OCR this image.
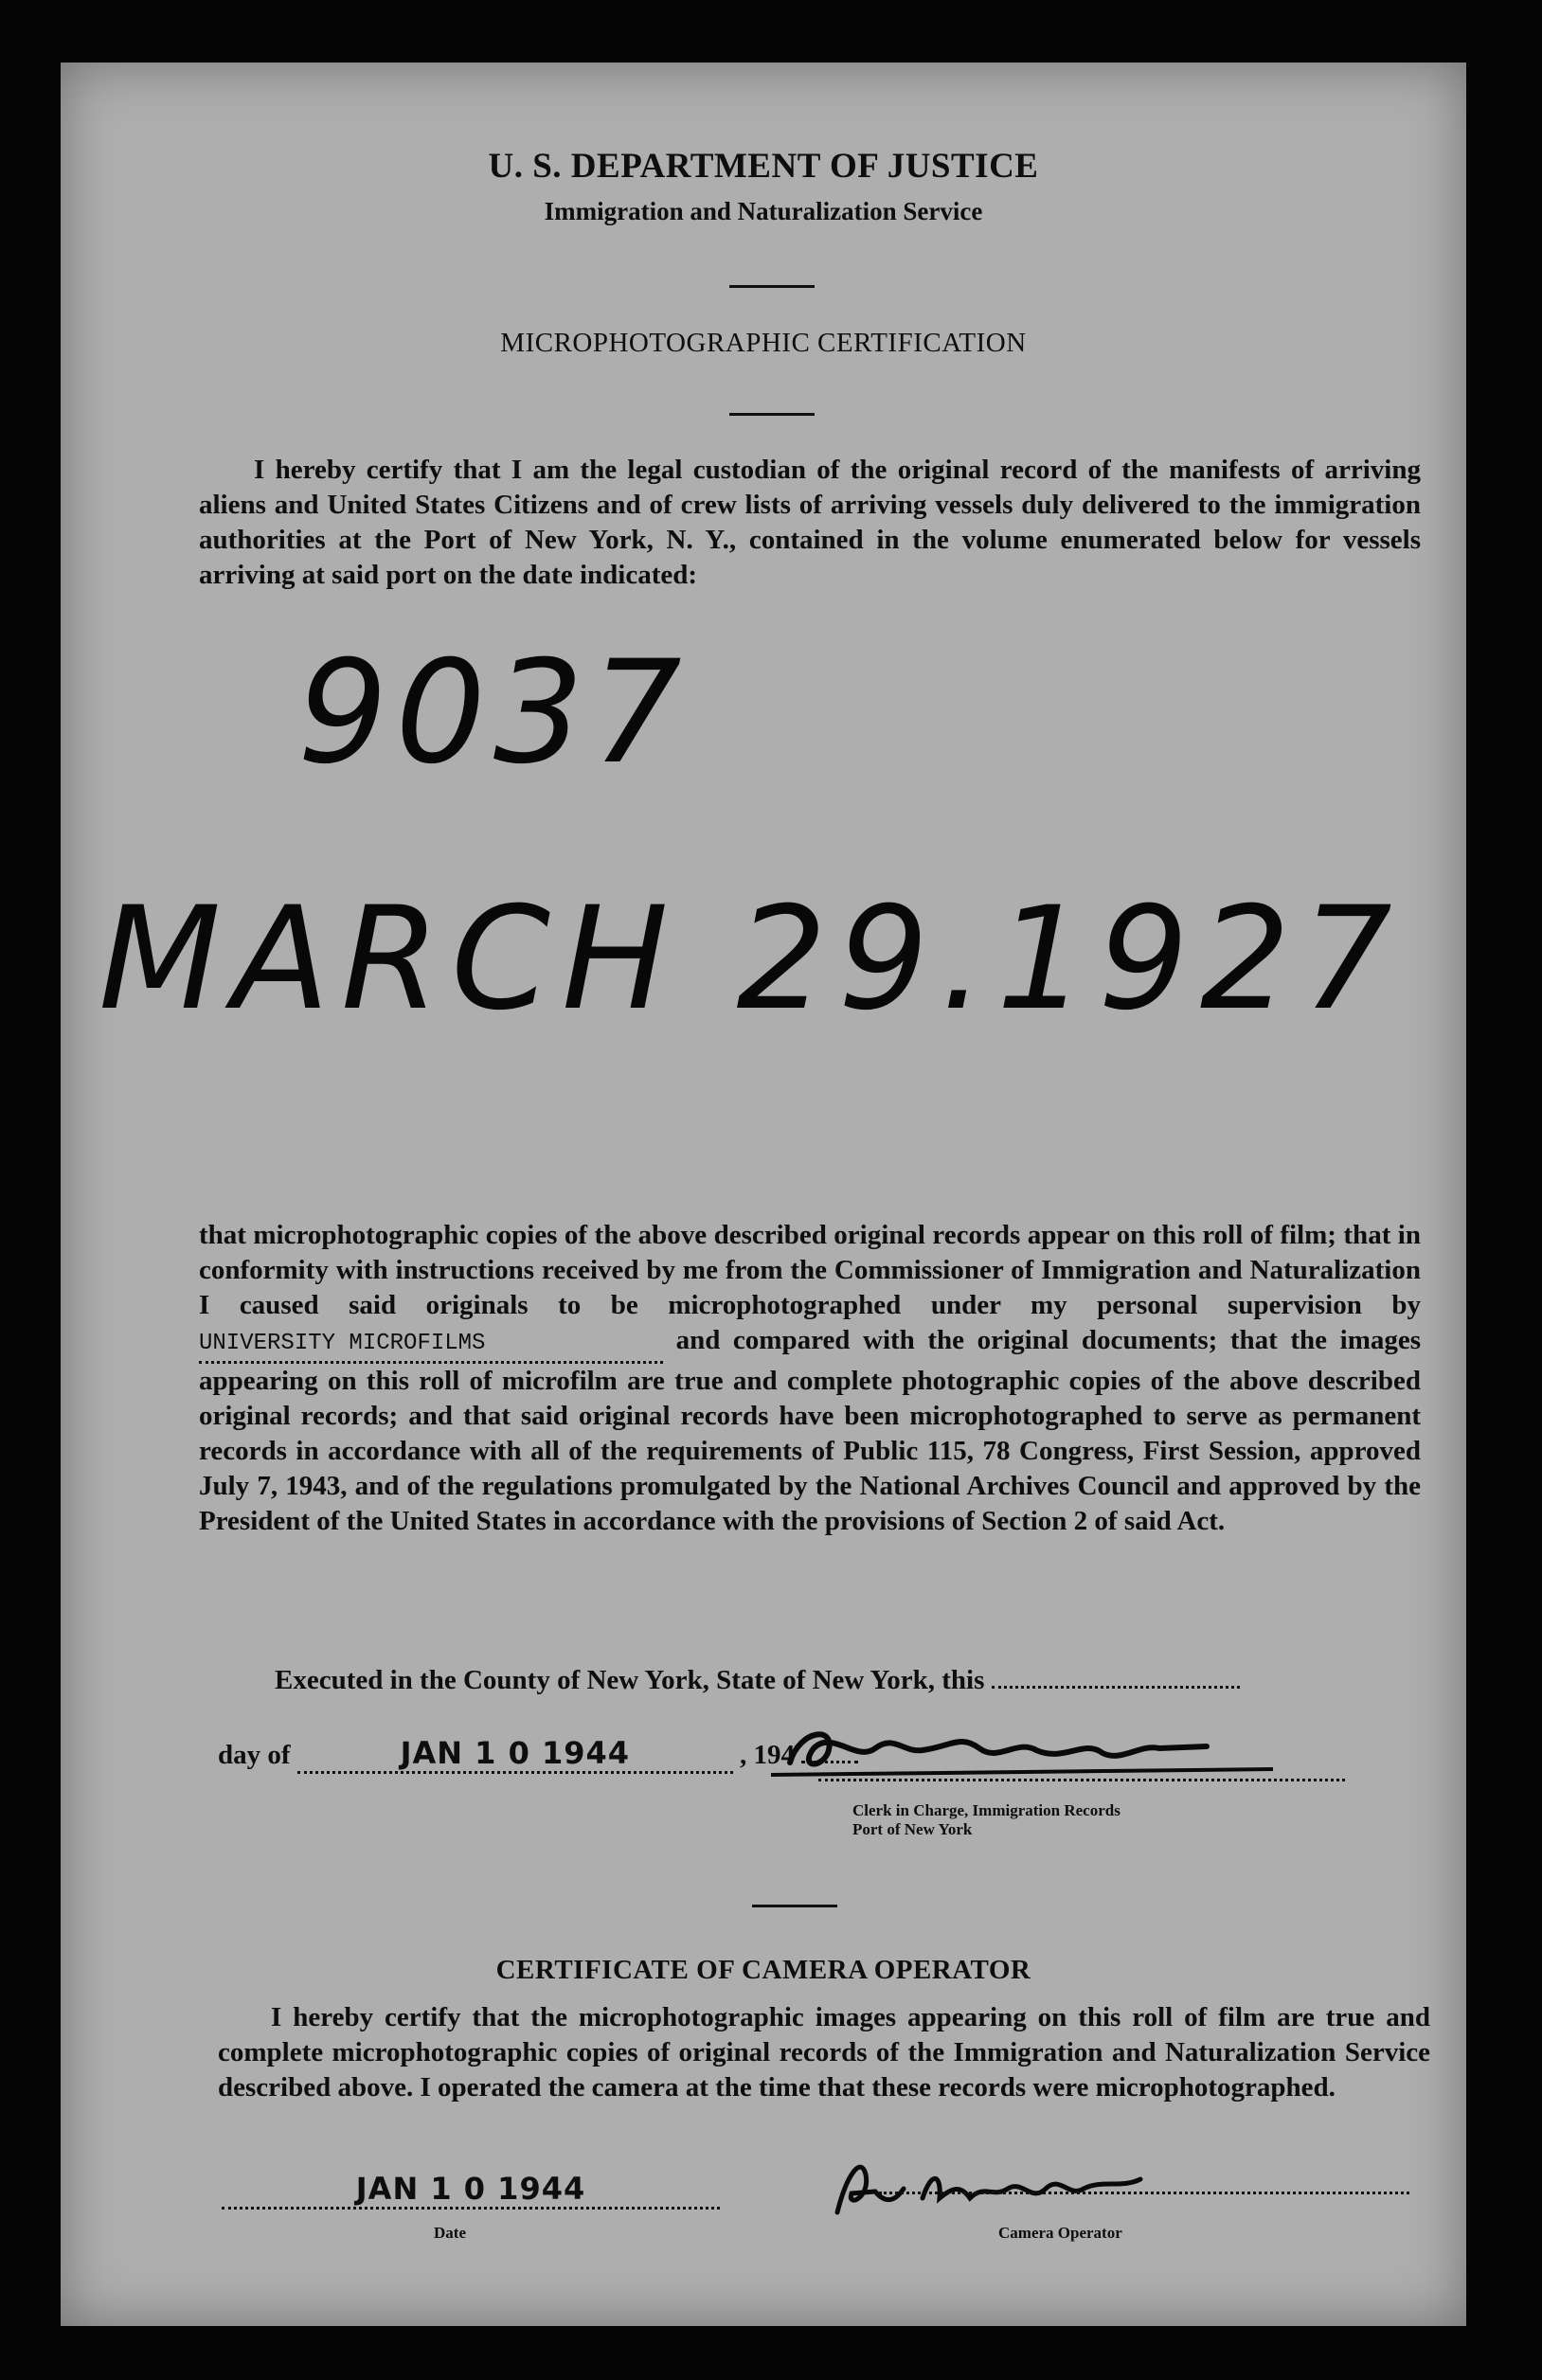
U. S. DEPARTMENT OF JUSTICE
Immigration and Naturalization Service
MICROPHOTOGRAPHIC CERTIFICATION
I hereby certify that I am the legal custodian of the original record of the manifests of arriving aliens and United States Citizens and of crew lists of arriving vessels duly delivered to the immigration authorities at the Port of New York, N. Y., contained in the volume enumerated below for vessels arriving at said port on the date indicated:
9037
MARCH 29.1927
that microphotographic copies of the above described original records appear on this roll of film; that in conformity with instructions received by me from the Commissioner of Immigration and Naturalization I caused said originals to be microphotographed under my personal supervision by UNIVERSITY MICROFILMS	and compared with the original documents; that the images appearing on this roll of microfilm are true and complete photographic copies of the above described original records; and that said original records have been microphotographed to serve as permanent records in accordance with all of the requirements of Public 115, 78 Congress, First Session, approved July 7, 1943, and of the regulations promulgated by the National Archives Council and approved by the President of the United States in accordance with the provisions of Section 2 of said Act.
Executed in the County of New York, State of New York, this
day of	JAN 1 0 1944	, 194
Clerk in Charge, Immigration Records
Port of New York
CERTIFICATE OF CAMERA OPERATOR
I hereby certify that the microphotographic images appearing on this roll of film are true and complete microphotographic copies of original records of the Immigration and Naturalization Service described above. I operated the camera at the time that these records were microphotographed.
JAN 1 0 1944
Date	Camera Operator
